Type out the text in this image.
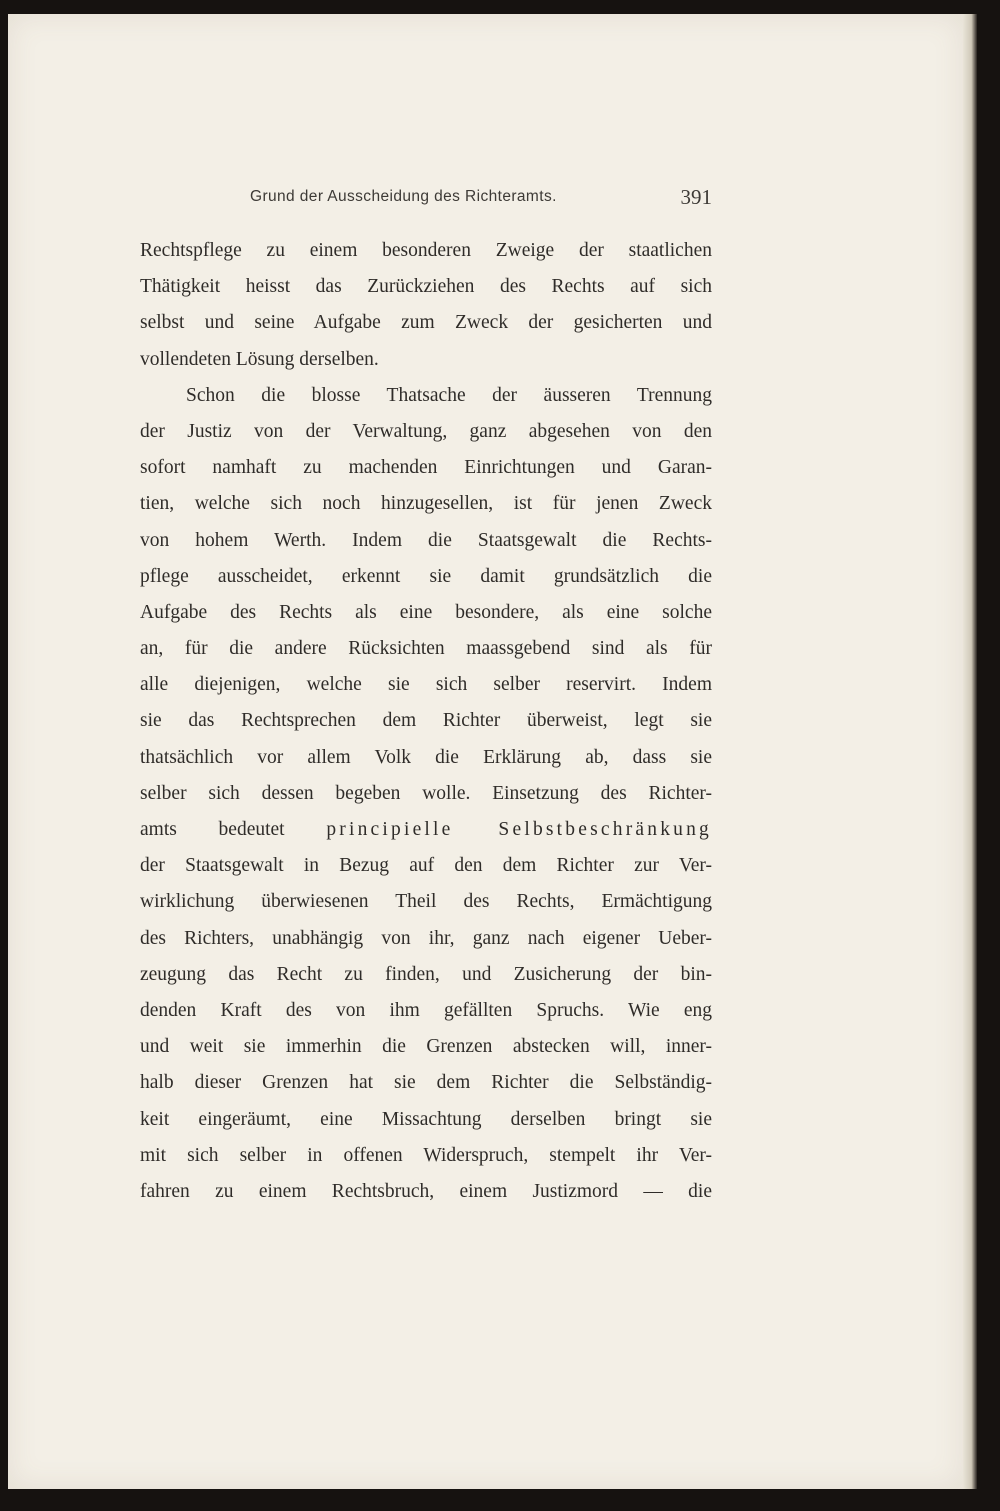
Grund der Ausscheidung des Richteramts.	391
Rechtspflege zu einem besonderen Zweige der staatlichen
Thätigkeit heisst das Zurückziehen des Rechts auf sich
selbst und seine Aufgabe zum Zweck der gesicherten und
vollendeten Lösung derselben.
Schon die blosse Thatsache der äusseren Trennung
der Justiz von der Verwaltung, ganz abgesehen von den
sofort namhaft zu machenden Einrichtungen und Garan-
tien, welche sich noch hinzugesellen, ist für jenen Zweck
von hohem Werth. Indem die Staatsgewalt die Rechts-
pflege ausscheidet, erkennt sie damit grundsätzlich die
Aufgabe des Rechts als eine besondere, als eine solche
an, für die andere Rücksichten maassgebend sind als für
alle diejenigen, welche sie sich selber reservirt. Indem
sie das Rechtsprechen dem Richter überweist, legt sie
thatsächlich vor allem Volk die Erklärung ab, dass sie
selber sich dessen begeben wolle. Einsetzung des Richter-
amts bedeutet principielle Selbstbeschränkung
der Staatsgewalt in Bezug auf den dem Richter zur Ver-
wirklichung überwiesenen Theil des Rechts, Ermächtigung
des Richters, unabhängig von ihr, ganz nach eigener Ueber-
zeugung das Recht zu finden, und Zusicherung der bin-
denden Kraft des von ihm gefällten Spruchs. Wie eng
und weit sie immerhin die Grenzen abstecken will, inner-
halb dieser Grenzen hat sie dem Richter die Selbständig-
keit eingeräumt, eine Missachtung derselben bringt sie
mit sich selber in offenen Widerspruch, stempelt ihr Ver-
fahren zu einem Rechtsbruch, einem Justizmord — die
